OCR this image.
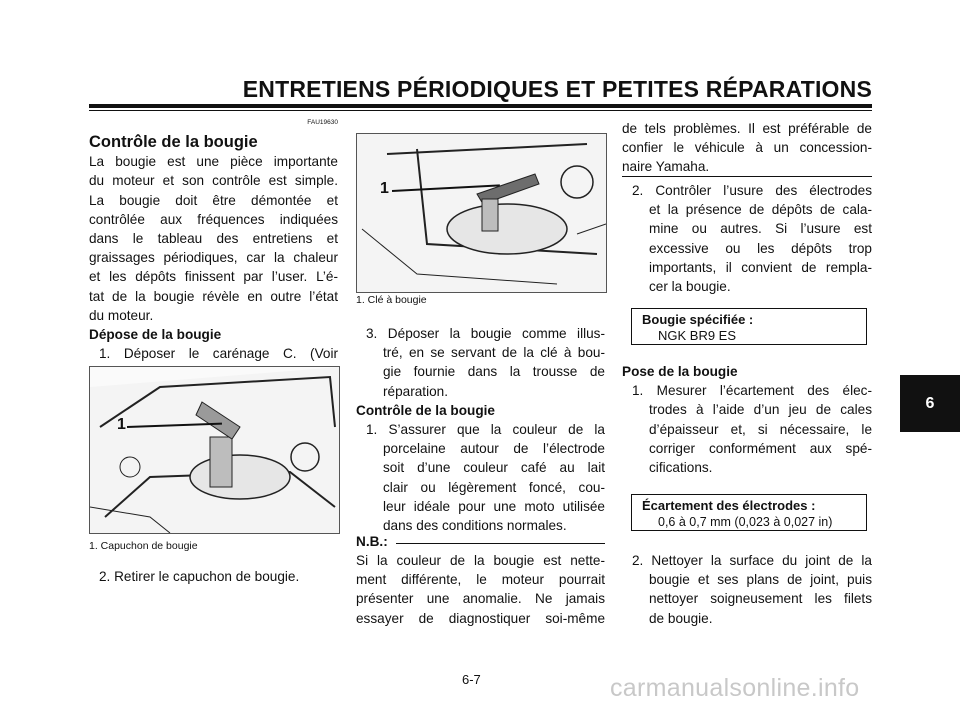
ENTRETIENS PÉRIODIQUES ET PETITES RÉPARATIONS
FAU19630

Contrôle de la bougie

La bougie est une pièce importante

du moteur et son contrôle est simple.

La bougie doit être démontée et

contrôlée aux fréquences indiquées

dans le tableau des entretiens et

graissages périodiques, car la chaleur

et les dépôts finissent par l’user. L’é-

tat de la bougie révèle en outre l’état

du moteur.

Dépose de la bougie

1. Déposer le carénage C. (Voir

1
1. Capuchon de bougie
2. Retirer le capuchon de bougie.
1
1. Clé à bougie

3. Déposer la bougie comme illus-

tré, en se servant de la clé à bou-

gie fournie dans la trousse de

réparation.

Contrôle de la bougie

1. S’assurer que la couleur de la

porcelaine autour de l’électrode

soit d’une couleur café au lait

clair ou légèrement foncé, cou-

leur idéale pour une moto utilisée

dans des conditions normales.

N.B.:

Si la couleur de la bougie est nette-

ment différente, le moteur pourrait

présenter une anomalie. Ne jamais

essayer de diagnostiquer soi-même

de tels problèmes. Il est préférable de

confier le véhicule à un concession-

naire Yamaha.

2. Contrôler l’usure des électrodes

et la présence de dépôts de cala-

mine ou autres. Si l’usure est

excessive ou les dépôts trop

importants, il convient de rempla-

cer la bougie.

Bougie spécifiée :
NGK BR9 ES

Pose de la bougie

1. Mesurer l’écartement des élec-

trodes à l’aide d’un jeu de cales

d’épaisseur et, si nécessaire, le

corriger conformément aux spé-

cifications.

Écartement des électrodes :
0,6 à 0,7 mm (0,023 à 0,027 in)

2. Nettoyer la surface du joint de la

bougie et ses plans de joint, puis

nettoyer soigneusement les filets

de bougie.

6
6-7	carmanualsonline.info
